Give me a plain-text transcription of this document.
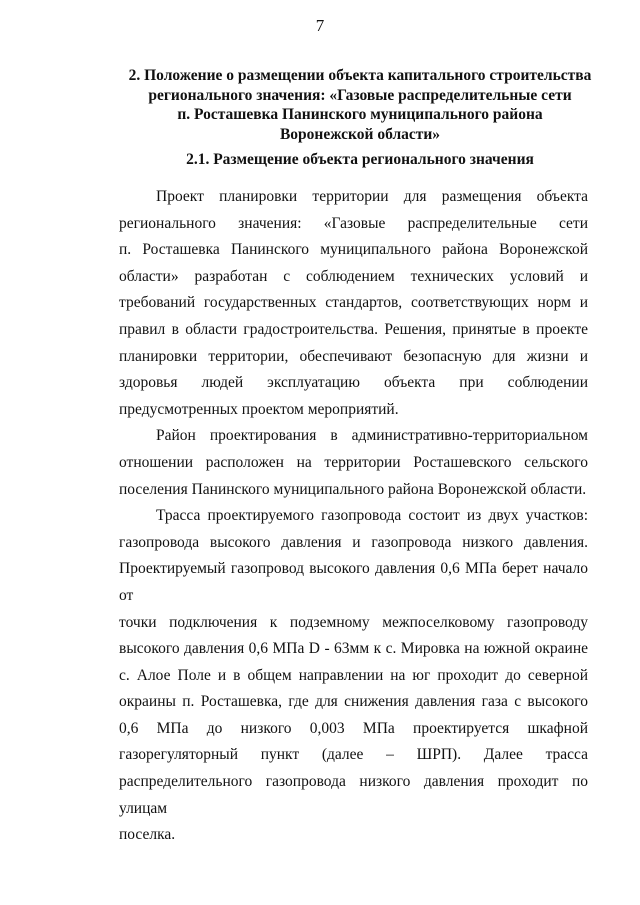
7
2. Положение о размещении объекта капитального строительства
регионального значения: «Газовые распределительные сети
п. Росташевка Панинского муниципального района
Воронежской области»
2.1. Размещение объекта регионального значения
Проект планировки территории для размещения объекта
регионального значения: «Газовые распределительные сети
п. Росташевка Панинского муниципального района Воронежской
области» разработан с соблюдением технических условий и
требований государственных стандартов, соответствующих норм и
правил в области градостроительства. Решения, принятые в проекте
планировки территории, обеспечивают безопасную для жизни и
здоровья людей эксплуатацию объекта при соблюдении
предусмотренных проектом мероприятий.
Район проектирования в административно-территориальном
отношении расположен на территории Росташевского сельского
поселения Панинского муниципального района Воронежской области.
Трасса проектируемого газопровода состоит из двух участков:
газопровода высокого давления и газопровода низкого давления.
Проектируемый газопровод высокого давления 0,6 МПа берет начало от
точки подключения к подземному межпоселковому газопроводу
высокого давления 0,6 МПа D - 63мм к с. Мировка на южной окраине
с. Алое Поле и в общем направлении на юг проходит до северной
окраины п. Росташевка, где для снижения давления газа с высокого
0,6 МПа до низкого 0,003 МПа проектируется шкафной
газорегуляторный пункт (далее – ШРП). Далее трасса
распределительного газопровода низкого давления проходит по улицам
поселка.
